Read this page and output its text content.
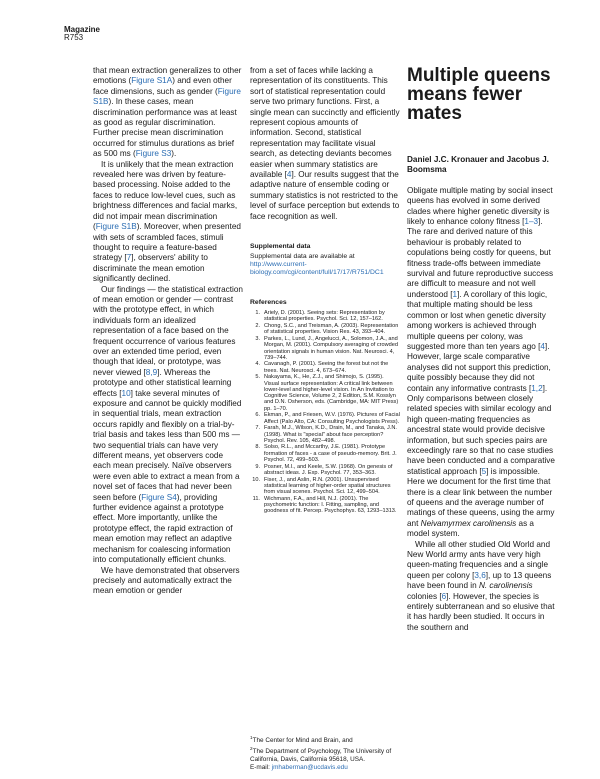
Magazine
R753

that mean extraction generalizes to other emotions (Figure S1A) and even other face dimensions, such as gender (Figure S1B). In these cases, mean discrimination performance was at least as good as regular discrimination. Further precise mean discrimination occurred for stimulus durations as brief as 500 ms (Figure S3).

It is unlikely that the mean extraction revealed here was driven by feature-based processing. Noise added to the faces to reduce low-level cues, such as brightness differences and facial marks, did not impair mean discrimination (Figure S1B). Moreover, when presented with sets of scrambled faces, stimuli thought to require a feature-based strategy [7], observers' ability to discriminate the mean emotion significantly declined.

Our findings — the statistical extraction of mean emotion or gender — contrast with the prototype effect, in which individuals form an idealized representation of a face based on the frequent occurrence of various features over an extended time period, even though that ideal, or prototype, was never viewed [8,9]. Whereas the prototype and other statistical learning effects [10] take several minutes of exposure and cannot be quickly modified in sequential trials, mean extraction occurs rapidly and flexibly on a trial-by-trial basis and takes less than 500 ms — two sequential trials can have very different means, yet observers code each mean precisely. Naïve observers were even able to extract a mean from a novel set of faces that had never been seen before (Figure S4), providing further evidence against a prototype effect. More importantly, unlike the prototype effect, the rapid extraction of mean emotion may reflect an adaptive mechanism for coalescing information into computationally efficient chunks.

We have demonstrated that observers precisely and automatically extract the mean emotion or gender

from a set of faces while lacking a representation of its constituents. This sort of statistical representation could serve two primary functions. First, a single mean can succinctly and efficiently represent copious amounts of information. Second, statistical representation may facilitate visual search, as detecting deviants becomes easier when summary statistics are available [4]. Our results suggest that the adaptive nature of ensemble coding or summary statistics is not restricted to the level of surface perception but extends to face recognition as well.

Supplemental data

Supplemental data are available at http://www.current-biology.com/cgi/content/full/17/17/R751/DC1

References
1. Ariely, D. (2001). Seeing sets: Representation by statistical properties. Psychol. Sci. 12, 157–162.
2. Chong, S.C., and Treisman, A. (2003). Representation of statistical properties. Vision Res. 43, 393–404.
3. Parkes, L., Lund, J., Angelucci, A., Solomon, J.A., and Morgan, M. (2001). Compulsory averaging of crowded orientation signals in human vision. Nat. Neurosci. 4, 739–744.
4. Cavanagh, P. (2001). Seeing the forest but not the trees. Nat. Neurosci. 4, 673–674.
5. Nakayama, K., He, Z.J., and Shimojo, S. (1995). Visual surface representation: A critical link between lower-level and higher-level vision. In An Invitation to Cognitive Science, Volume 2, 2 Edition, S.M. Kosslyn and D.N. Osherson, eds. (Cambridge, MA: MIT Press) pp. 1–70.
6. Ekman, P., and Friesen, W.V. (1976). Pictures of Facial Affect (Palo Alto, CA: Consulting Psychologists Press).
7. Farah, M.J., Wilson, K.D., Drain, M., and Tanaka, J.N. (1998). What is "special" about face perception? Psychol. Rev. 105, 482–498.
8. Solso, R.L., and Mccarthy, J.E. (1981). Prototype formation of faces - a case of pseudo-memory. Brit. J. Psychol. 72, 499–503.
9. Posner, M.I., and Keele, S.W. (1968). On genesis of abstract ideas. J. Exp. Psychol. 77, 353–363.
10. Fiser, J., and Aslin, R.N. (2001). Unsupervised statistical learning of higher-order spatial structures from visual scenes. Psychol. Sci. 12, 499–504.
11. Wichmann, F.A., and Hill, N.J. (2001). The psychometric function: I. Fitting, sampling, and goodness of fit. Percep. Psychophys. 63, 1293–1313.
$^1$The Center for Mind and Brain, and
$^2$The Department of Psychology, The University of California, Davis, California 95618, USA.
E-mail: jmhaberman@ucdavis.edu
Multiple queens means fewer mates
Daniel J.C. Kronauer and Jacobus J. Boomsma

Obligate multiple mating by social insect queens has evolved in some derived clades where higher genetic diversity is likely to enhance colony fitness [1–3]. The rare and derived nature of this behaviour is probably related to copulations being costly for queens, but fitness trade-offs between immediate survival and future reproductive success are difficult to measure and not well understood [1]. A corollary of this logic, that multiple mating should be less common or lost when genetic diversity among workers is achieved through multiple queens per colony, was suggested more than ten years ago [4]. However, large scale comparative analyses did not support this prediction, quite possibly because they did not contain any informative contrasts [1,2]. Only comparisons between closely related species with similar ecology and high queen-mating frequencies as ancestral state would provide decisive information, but such species pairs are exceedingly rare so that no case studies have been conducted and a comparative statistical approach [5] is impossible. Here we document for the first time that there is a clear link between the number of queens and the average number of matings of these queens, using the army ant Neivamyrmex carolinensis as a model system.

While all other studied Old World and New World army ants have very high queen-mating frequencies and a single queen per colony [3,6], up to 13 queens have been found in N. carolinensis colonies [6]. However, the species is entirely subterranean and so elusive that it has hardly been studied. It occurs in the southern and
